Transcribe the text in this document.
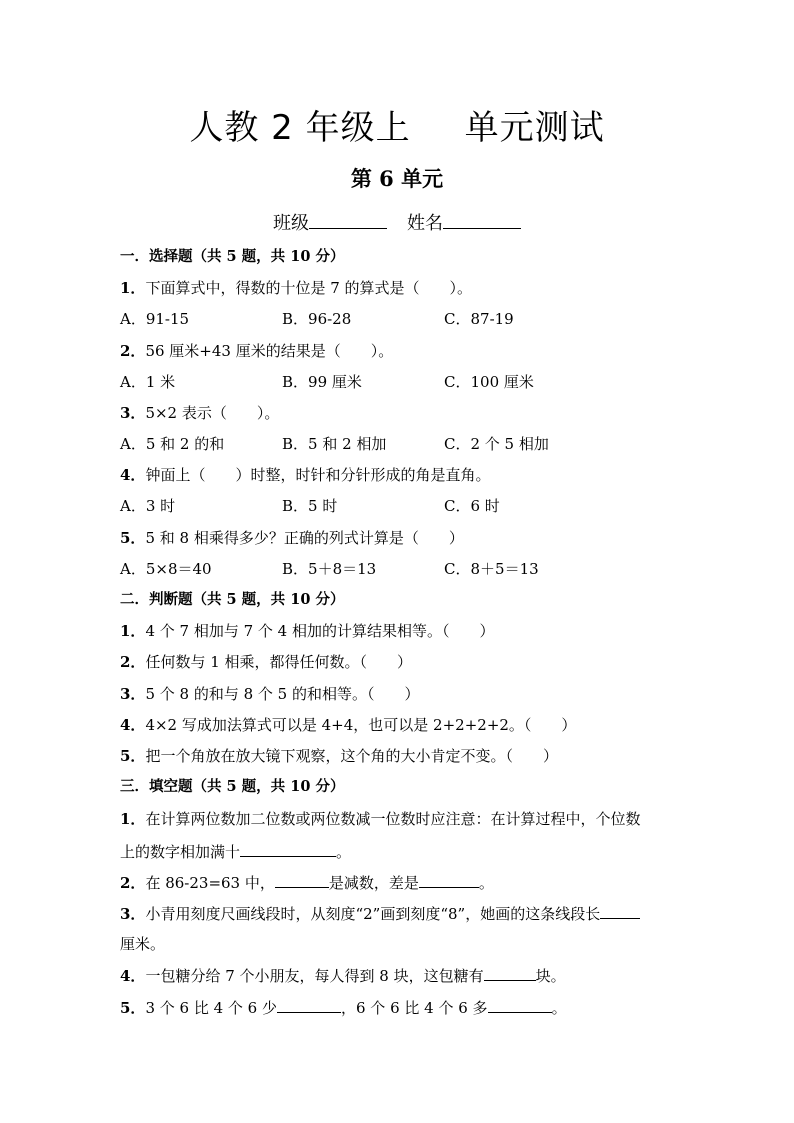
人教 2 年级上 单元测试
第 6 单元
班级	姓名
一．选择题（共 5 题，共 10 分）
1．下面算式中，得数的十位是 7 的算式是（　　）。
A．91-15	B．96-28	C．87-19
2．56 厘米+43 厘米的结果是（　　）。
A．1 米	B．99 厘米	C．100 厘米
3．5×2 表示（　　）。
A．5 和 2 的和	B．5 和 2 相加	C．2 个 5 相加
4．钟面上（　　）时整，时针和分针形成的角是直角。
A．3 时	B．5 时	C．6 时
5．5 和 8 相乘得多少？正确的列式计算是（　　）
A．5×8＝40	B．5＋8＝13	C．8＋5＝13
二．判断题（共 5 题，共 10 分）
1．4 个 7 相加与 7 个 4 相加的计算结果相等。（　　）
2．任何数与 1 相乘，都得任何数。（　　）
3．5 个 8 的和与 8 个 5 的和相等。（　　）
4．4×2 写成加法算式可以是 4+4，也可以是 2+2+2+2。（　　）
5．把一个角放在放大镜下观察，这个角的大小肯定不变。（　　）
三．填空题（共 5 题，共 10 分）
1．在计算两位数加二位数或两位数减一位数时应注意：在计算过程中，个位数
上的数字相加满十	。
2．在 86-23=63 中，	是减数，差是	。
3．小青用刻度尺画线段时，从刻度“2”画到刻度“8”，她画的这条线段长
厘米。
4．一包糖分给 7 个小朋友，每人得到 8 块，这包糖有	块。
5．3 个 6 比 4 个 6 少	，6 个 6 比 4 个 6 多	。
